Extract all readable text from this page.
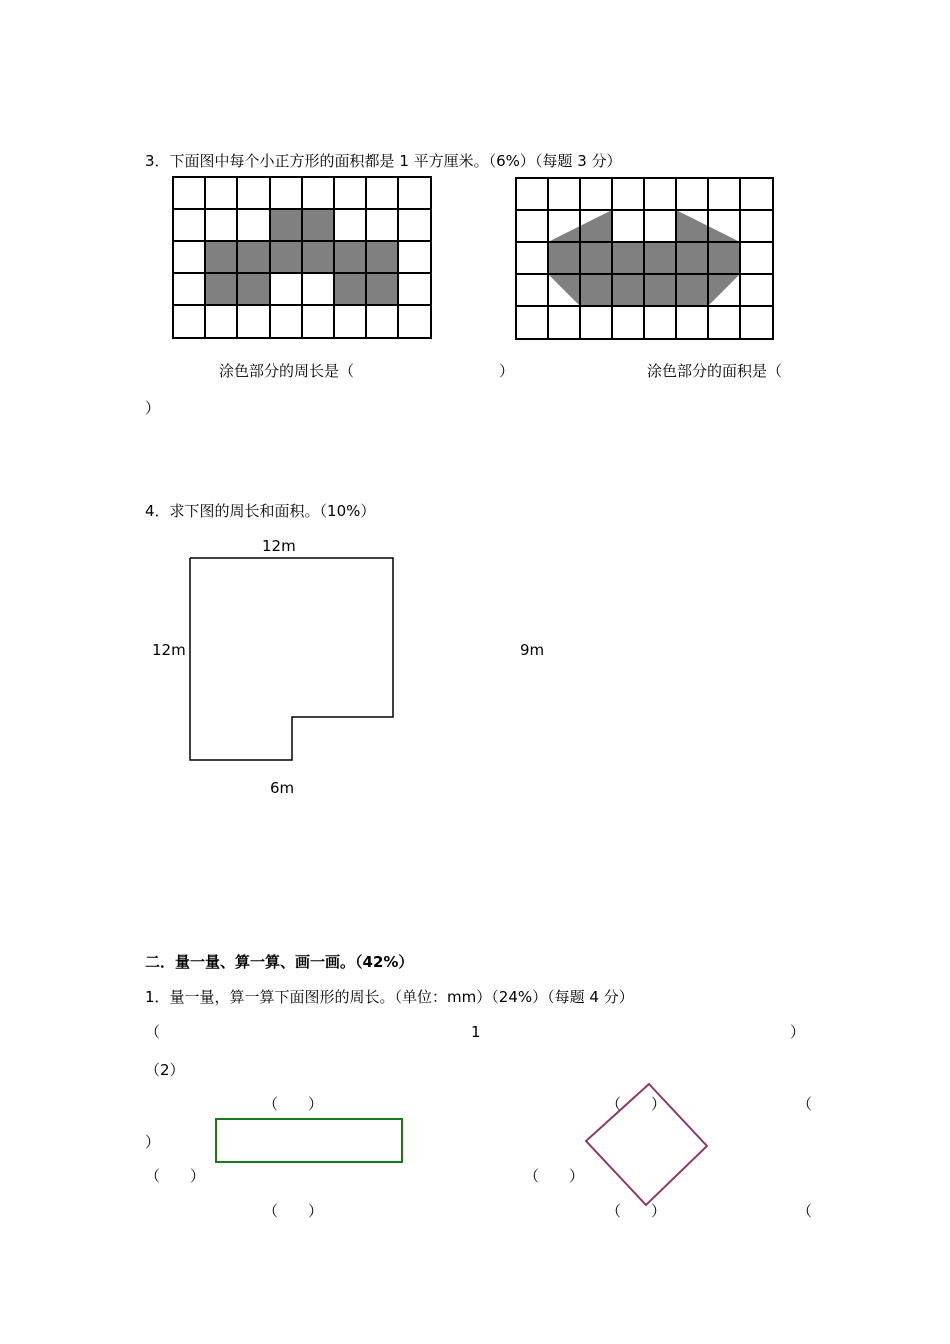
3．下面图中每个小正方形的面积都是 1 平方厘米。（6%）（每题 3 分）
涂色部分的周长是（	）	涂色部分的面积是（
）
4．求下图的周长和面积。（10%）
12m
12m	9m
6m
二．量一量、算一算、画一画。（42%）
1．量一量，算一算下面图形的周长。（单位：mm）（24%）（每题 4 分）
（	1	）
（2）
（　　）	（　　）	（
）
（　　）	（　　）
（　　）	（　　）	（
